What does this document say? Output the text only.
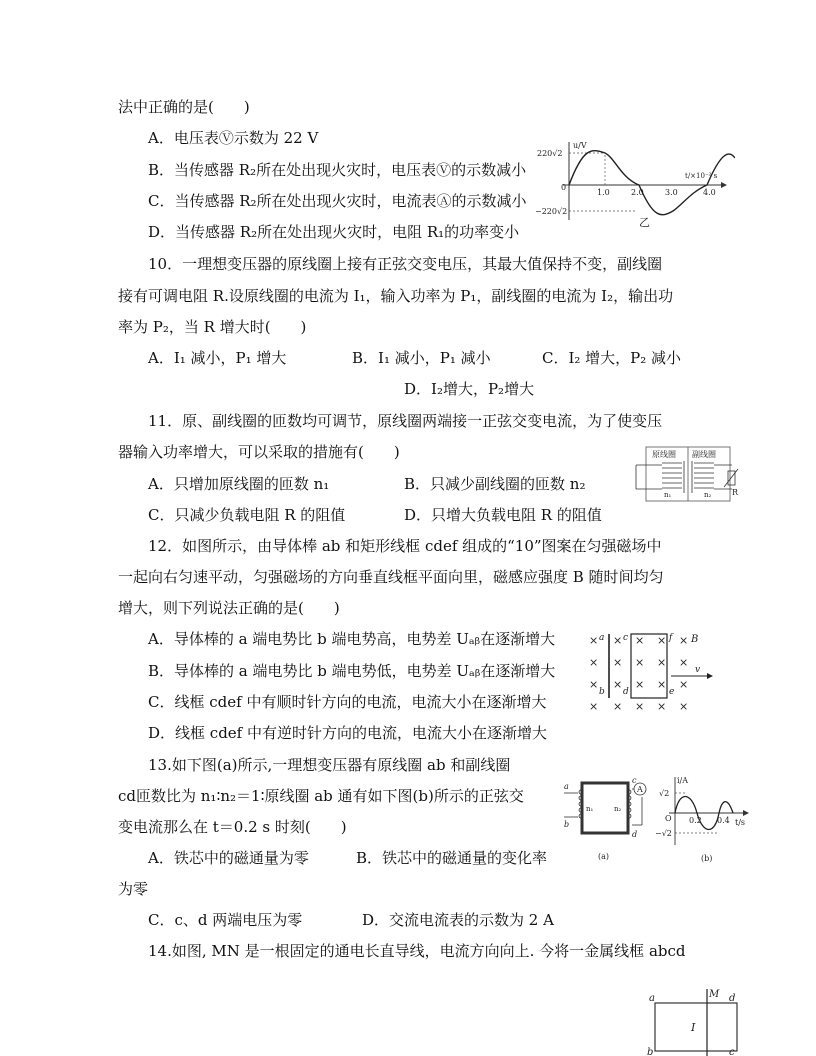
法中正确的是(　　)
A．电压表Ⓥ示数为 22 V
B．当传感器 R₂所在处出现火灾时，电压表Ⓥ的示数减小
C．当传感器 R₂所在处出现火灾时，电流表Ⓐ的示数减小
D．当传感器 R₂所在处出现火灾时，电阻 R₁的功率变小
u/V
t/×10⁻² s
220√2
−220√2
0
1.0	2.0	3.0	4.0
乙
10．一理想变压器的原线圈上接有正弦交变电压，其最大值保持不变，副线圈
接有可调电阻 R.设原线圈的电流为 I₁，输入功率为 P₁，副线圈的电流为 I₂，输出功
率为 P₂，当 R 增大时(　　)
A．I₁ 减小，P₁ 增大	B．I₁ 减小，P₁ 减小	C．I₂ 增大，P₂ 减小
D．I₂增大，P₂增大
11．原、副线圈的匝数均可调节，原线圈两端接一正弦交变电流，为了使变压
器输入功率增大，可以采取的措施有(　　)
A．只增加原线圈的匝数 n₁	B．只减少副线圈的匝数 n₂
C．只减少负载电阻 R 的阻值	D．只增大负载电阻 R 的阻值
原线圈 副线圈
n₁	n₂	R
12．如图所示，由导体棒 ab 和矩形线框 cdef 组成的“10”图案在匀强磁场中
一起向右匀速平动，匀强磁场的方向垂直线框平面向里，磁感应强度 B 随时间均匀
增大，则下列说法正确的是(　　)
A．导体棒的 a 端电势比 b 端电势高，电势差 Uₐᵦ在逐渐增大
B．导体棒的 a 端电势比 b 端电势低，电势差 Uₐᵦ在逐渐增大
C．线框 cdef 中有顺时针方向的电流，电流大小在逐渐增大
D．线框 cdef 中有逆时针方向的电流，电流大小在逐渐增大
× × × × ×
× × × × ×
× × × × ×
× × × × ×
a
b
c
d
f
e
B
v
13.如下图(a)所示,一理想变压器有原线圈 ab 和副线圈
cd匝数比为 n₁∶n₂＝1∶原线圈 ab 通有如下图(b)所示的正弦交
变电流那么在 t＝0.2 s 时刻(　　)
A．铁芯中的磁通量为零	B．铁芯中的磁通量的变化率
为零
C．c、d 两端电压为零	D．交流电流表的示数为 2 A
A
a
b
c
d
n₁	n₂
(a)
i/A
t/s
√2
−√2
O 0.2 0.4
(b)
14.如图, MN 是一根固定的通电长直导线，电流方向向上. 今将一金属线框 abcd
M
I
a	d
b	c
